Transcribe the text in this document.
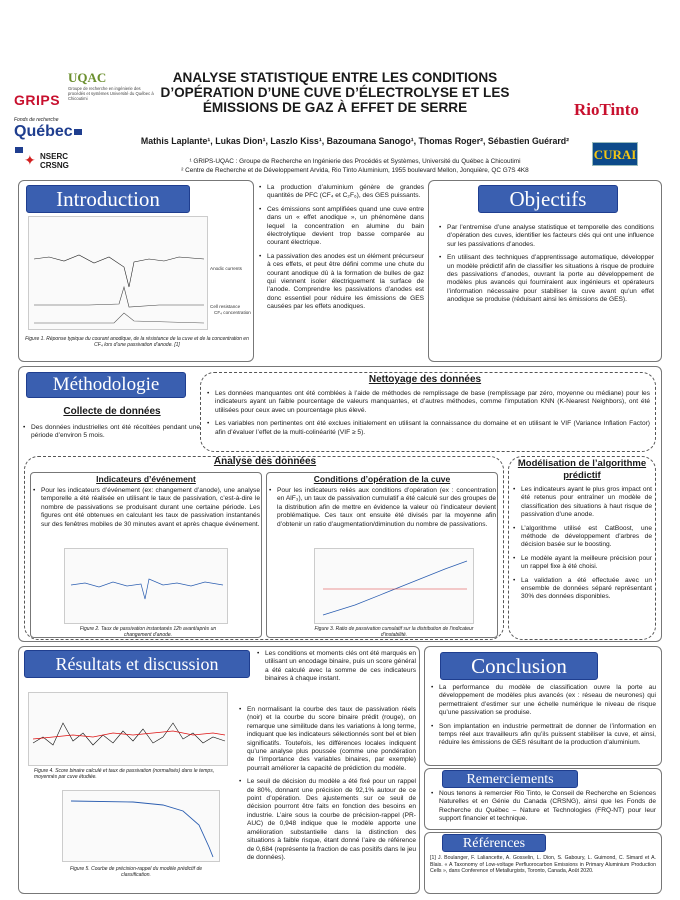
GRIPS
UQAC
Groupe de recherche en ingénierie des procédés et systèmes Université du Québec à Chicoutimi
Fonds de recherche
Québec
✦ NSERC
CRSNG
RioTinto
CURAI
ANALYSE STATISTIQUE ENTRE LES CONDITIONS D’OPÉRATION D’UNE CUVE D’ÉLECTROLYSE ET LES ÉMISSIONS DE GAZ À EFFET DE SERRE
Mathis Laplante¹, Lukas Dion¹, Laszlo Kiss¹, Bazoumana Sanogo¹, Thomas Roger², Sébastien Guérard²
¹ GRIPS-UQAC : Groupe de Recherche en Ingénierie des Procédés et Systèmes, Université du Québec à Chicoutimi
² Centre de Recherche et de Développement Arvida, Rio Tinto Aluminium, 1955 boulevard Mellon, Jonquière, QC G7S 4K8
Introduction
Anodic currents
Cell resistance
CF₄ concentration
Figure 1. Réponse typique du courant anodique, de la résistance de la cuve et de la concentration en CF₄ lors d’une passivation d’anode. [1]
• La production d’aluminium génère de grandes quantités de PFC (CF₄ et C₂F₆), des GES puissants.
• Ces émissions sont amplifiées quand une cuve entre dans un « effet anodique », un phénomène dans lequel la concentration en alumine du bain électrolytique devient trop basse comparée au courant électrique.
• La passivation des anodes est un élément précurseur à ces effets, et peut être défini comme une chute du courant anodique dû à la formation de bulles de gaz qui viennent isoler électriquement la surface de l’anode. Comprendre les passivations d’anodes est donc essentiel pour réduire les émissions de GES causées par les effets anodiques.
Objectifs
• Par l’entremise d’une analyse statistique et temporelle des conditions d’opération des cuves, identifier les facteurs clés qui ont une influence sur les passivations d’anodes.
• En utilisant des techniques d’apprentissage automatique, développer un modèle prédictif afin de classifier les situations à risque de produire des passivations d’anodes, ouvrant la porte au développement de modèles plus avancés qui fourniraient aux ingénieurs et opérateurs l’information nécessaire pour stabiliser la cuve avant qu’un effet anodique se produise (réduisant ainsi les émissions de GES).
Méthodologie
Collecte de données
• Des données industrielles ont été récoltées pendant une période d’environ 5 mois.
Nettoyage des données
• Les données manquantes ont été comblées à l’aide de méthodes de remplissage de base (remplissage par zéro, moyenne ou médiane) pour les indicateurs ayant un faible pourcentage de valeurs manquantes, et d’autres méthodes, comme l’imputation KNN (K-Nearest Neighbors), ont été utilisées pour ceux avec un pourcentage plus élevé.
• Les variables non pertinentes ont été exclues initialement en utilisant la connaissance du domaine et en utilisant le VIF (Variance Inflation Factor) afin d’évaluer l’effet de la multi-colinéarité (VIF ≥ 5).
Analyse des données
Indicateurs d’événement
• Pour les indicateurs d’événement (ex: changement d’anode), une analyse temporelle a été réalisée en utilisant le taux de passivation, c’est-à-dire le nombre de passivations se produisant durant une certaine période. Les figures ont été obtenues en calculant les taux de passivation instantanés sur des fenêtres mobiles de 30 minutes avant et après chaque événement.
Figure 2. Taux de passivation instantanés 12h avant/après un changement d’anode.
Conditions d’opération de la cuve
• Pour les indicateurs reliés aux conditions d’opération (ex : concentration en AlF₃), un taux de passivation cumulatif a été calculé sur des groupes de la distribution afin de mettre en évidence la valeur où l’indicateur devient problématique. Ces taux ont ensuite été divisés par la moyenne afin d’obtenir un ratio d’augmentation/diminution du nombre de passivations.
Figure 3. Ratio de passivation cumulatif sur la distribution de l’indicateur d’instabilité.
Modélisation de l’algorithme prédictif
• Les indicateurs ayant le plus gros impact ont été retenus pour entraîner un modèle de classification des situations à haut risque de passivation d’une anode.
• L’algorithme utilisé est CatBoost, une méthode de développement d’arbres de décision basée sur le boosting.
• Le modèle ayant la meilleure précision pour un rappel fixe à été choisi.
• La validation a été effectuée avec un ensemble de données séparé représentant 30% des données disponibles.
Résultats et discussion
• Les conditions et moments clés ont été marqués en utilisant un encodage binaire, puis un score général a été calculé avec la somme de ces indicateurs binaires à chaque instant.
Figure 4. Score binaire calculé et taux de passivation (normalisés) dans le temps, moyennés par cuve étudiée.
• En normalisant la courbe des taux de passivation réels (noir) et la courbe du score binaire prédit (rouge), on remarque une similitude dans les variations à long terme, indiquant que les indicateurs sélectionnés sont bel et bien significatifs. Toutefois, les différences locales indiquent qu’une analyse plus poussée (comme une pondération de l’importance des variables binaires, par exemple) pourrait améliorer la capacité de prédiction du modèle.
• Le seuil de décision du modèle a été fixé pour un rappel de 80%, donnant une précision de 92,1% autour de ce point d’opération. Des ajustements sur ce seuil de décision pourront être faits en fonction des besoins en industrie. L’aire sous la courbe de précision-rappel (PR-AUC) de 0,948 indique que le modèle apporte une amélioration substantielle dans la distinction des situations à faible risque, étant donné l’aire de référence de 0,684 (représente la fraction de cas positifs dans le jeu de données).
Figure 5. Courbe de précision-rappel du modèle prédictif de classification.
Conclusion
• La performance du modèle de classification ouvre la porte au développement de modèles plus avancés (ex : réseau de neurones) qui permettraient d’estimer sur une échelle numérique le niveau de risque qu’une passivation se produise.
• Son implantation en industrie permettrait de donner de l’information en temps réel aux travailleurs afin qu’ils puissent stabiliser la cuve, et ainsi, réduire les émissions de GES résultant de la production d’aluminium.
Remerciements
• Nous tenons à remercier Rio Tinto, le Conseil de Recherche en Sciences Naturelles et en Génie du Canada (CRSNG), ainsi que les Fonds de Recherche du Québec – Nature et Technologies (FRQ-NT) pour leur support financier et technique.
Références
[1] J. Boulanger, F. Laliancette, A. Gosselin, L. Dion, S. Gaboury, L. Guimond, C. Simard et A. Blais. « A Taxonomy of Low-voltage Perfluorocarbon Emissions in Primary Aluminium Production Cells », dans Conference of Metallurgists, Toronto, Canada, Août 2020.
